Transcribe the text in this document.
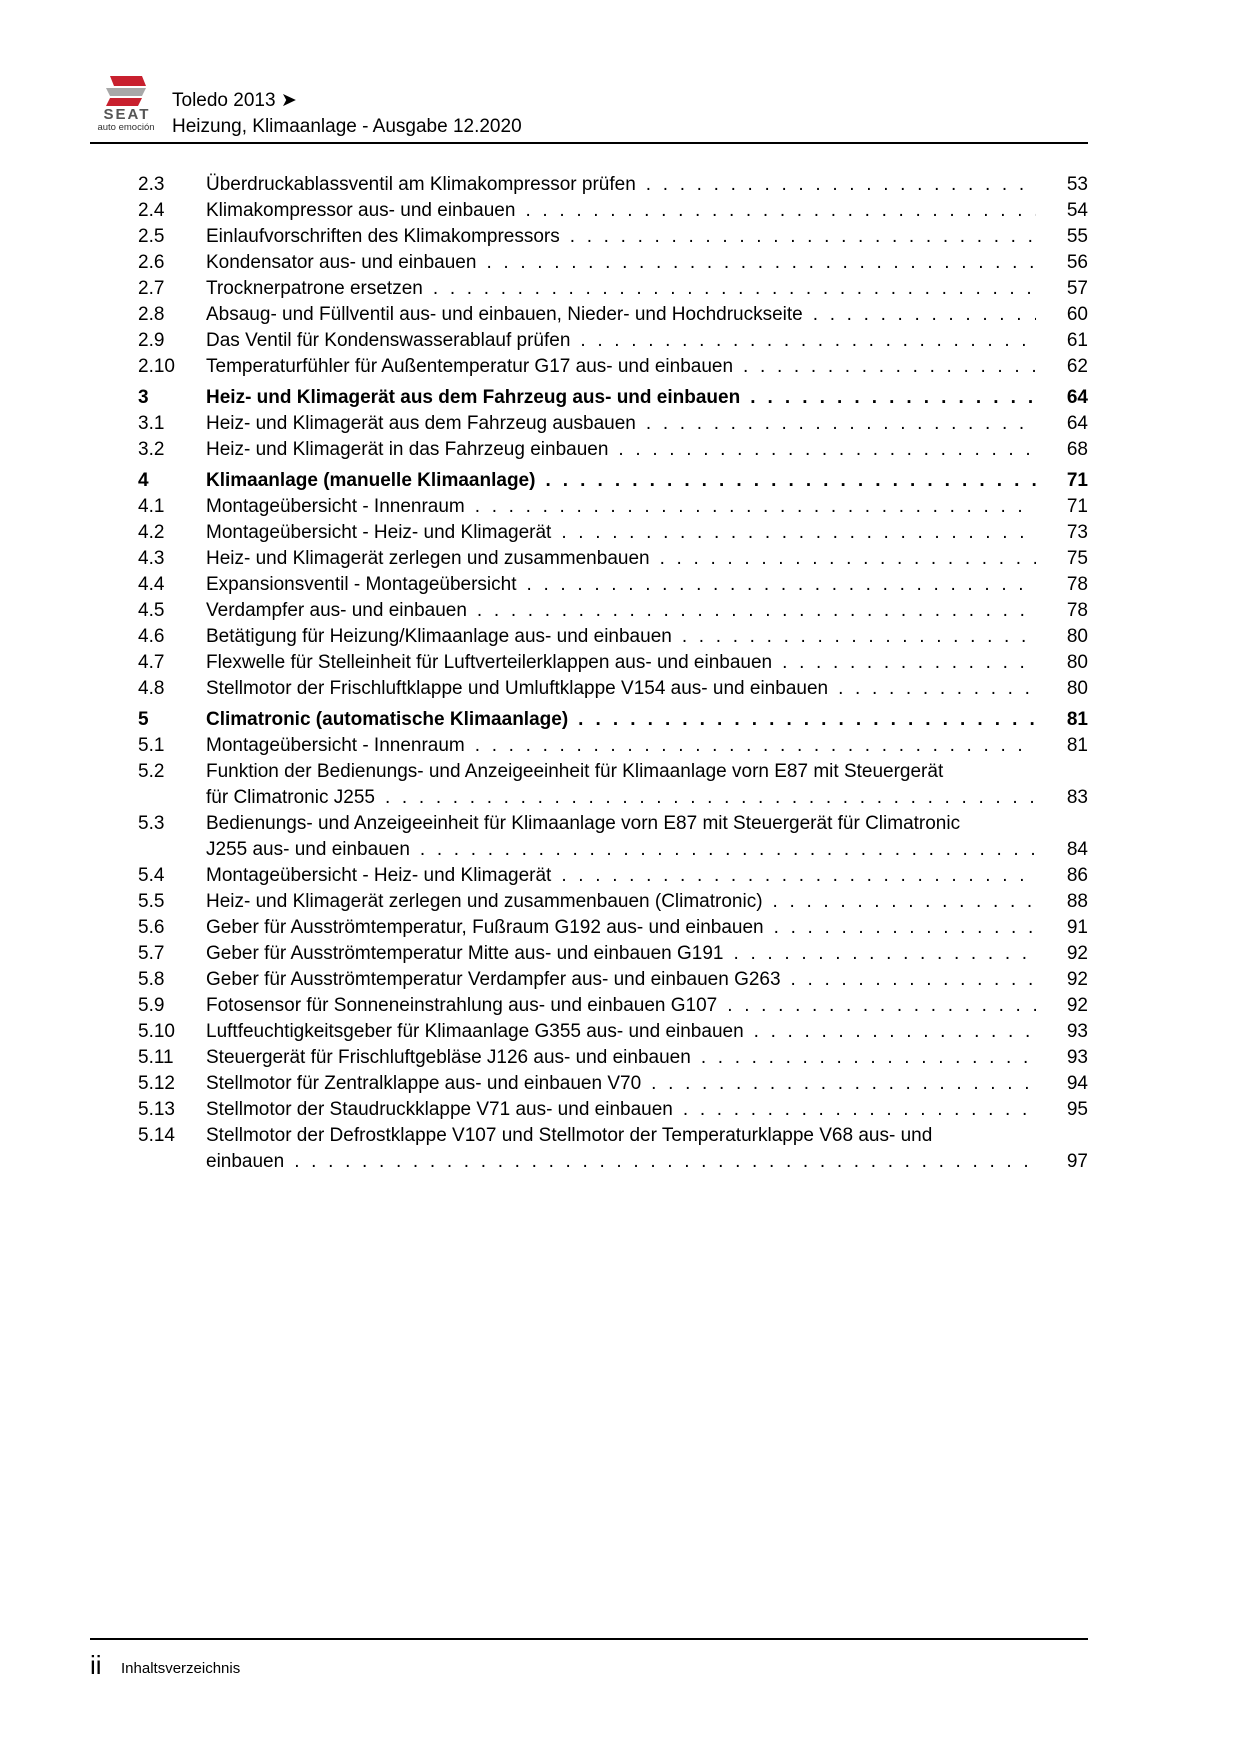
SEAT
auto emoción
Toledo 2013 ➤
Heizung, Klimaanlage - Ausgabe 12.2020
2.3 Überdruckablassventil am Klimakompressor prüfen . . .	53
2.4 Klimakompressor aus- und einbauen . . .	54
2.5 Einlaufvorschriften des Klimakompressors . . .	55
2.6 Kondensator aus- und einbauen . . .	56
2.7 Trocknerpatrone ersetzen . . .	57
2.8 Absaug- und Füllventil aus- und einbauen, Nieder- und Hochdruckseite . . .	60
2.9 Das Ventil für Kondenswasserablauf prüfen . . .	61
2.10 Temperaturfühler für Außentemperatur G17 aus- und einbauen . . .	62
3	Heiz- und Klimagerät aus dem Fahrzeug aus- und einbauen . . .	64
3.1 Heiz- und Klimagerät aus dem Fahrzeug ausbauen . . .	64
3.2 Heiz- und Klimagerät in das Fahrzeug einbauen . . .	68
4	Klimaanlage (manuelle Klimaanlage) . . .	71
4.1 Montageübersicht - Innenraum . . .	71
4.2 Montageübersicht - Heiz- und Klimagerät . . .	73
4.3 Heiz- und Klimagerät zerlegen und zusammenbauen . . .	75
4.4 Expansionsventil - Montageübersicht . . .	78
4.5 Verdampfer aus- und einbauen . . .	78
4.6 Betätigung für Heizung/Klimaanlage aus- und einbauen . . .	80
4.7 Flexwelle für Stelleinheit für Luftverteilerklappen aus- und einbauen . . .	80
4.8 Stellmotor der Frischluftklappe und Umluftklappe V154 aus- und einbauen . . .	80
5	Climatronic (automatische Klimaanlage) . . .	81
5.1 Montageübersicht - Innenraum . . .	81
5.2 Funktion der Bedienungs- und Anzeigeeinheit für Klimaanlage vorn E87 mit Steuergerät
für Climatronic J255 . . .	83
5.3 Bedienungs- und Anzeigeeinheit für Klimaanlage vorn E87 mit Steuergerät für Climatronic
J255 aus- und einbauen . . .	84
5.4 Montageübersicht - Heiz- und Klimagerät . . .	86
5.5 Heiz- und Klimagerät zerlegen und zusammenbauen (Climatronic) . . .	88
5.6 Geber für Ausströmtemperatur, Fußraum G192 aus- und einbauen . . .	91
5.7 Geber für Ausströmtemperatur Mitte aus- und einbauen G191 . . .	92
5.8 Geber für Ausströmtemperatur Verdampfer aus- und einbauen G263 . . .	92
5.9 Fotosensor für Sonneneinstrahlung aus- und einbauen G107 . . .	92
5.10 Luftfeuchtigkeitsgeber für Klimaanlage G355 aus- und einbauen . . .	93
5.11 Steuergerät für Frischluftgebläse J126 aus- und einbauen . . .	93
5.12 Stellmotor für Zentralklappe aus- und einbauen V70 . . .	94
5.13 Stellmotor der Staudruckklappe V71 aus- und einbauen . . .	95
5.14 Stellmotor der Defrostklappe V107 und Stellmotor der Temperaturklappe V68 aus- und
einbauen . . .	97
ii Inhaltsverzeichnis
